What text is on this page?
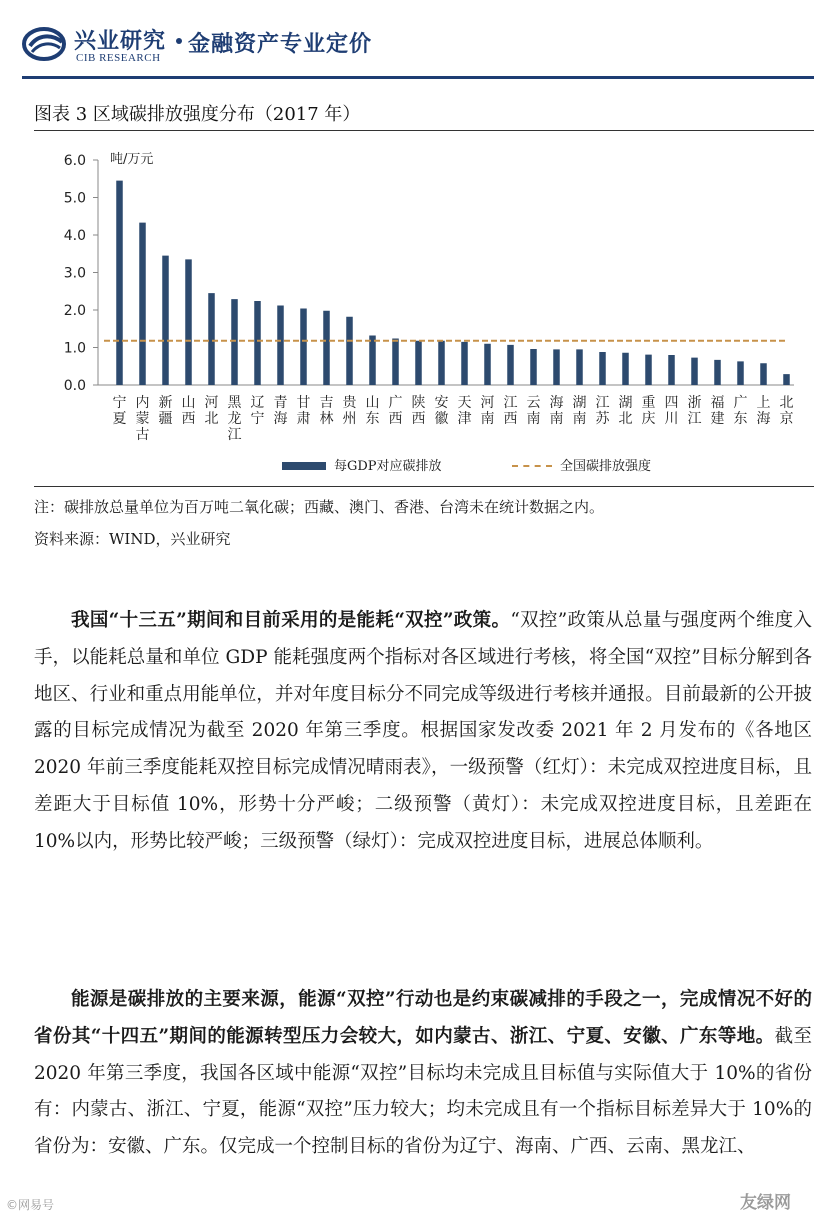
兴业研究
CIB RESEARCH
金融资产专业定价
图表 3 区域碳排放强度分布（2017 年）
0.0
1.0
2.0
3.0
4.0
5.0
6.0 吨/万元
宁夏
内蒙古
新疆
山西
河北
黑龙江
辽宁
青海
甘肃
吉林
贵州
山东
广西
陕西
安徽
天津
河南
江西
云南
海南
湖南
江苏
湖北
重庆
四川
浙江
福建
广东
上海
北京
每GDP对应碳排放	全国碳排放强度
注：碳排放总量单位为百万吨二氧化碳；西藏、澳门、香港、台湾未在统计数据之内。
资料来源：WIND，兴业研究
我国“十三五”期间和目前采用的是能耗“双控”政策。“双控”政策从总量与强度两个维度入手，以能耗总量和单位 GDP 能耗强度两个指标对各区域进行考核，将全国“双控”目标分解到各地区、行业和重点用能单位，并对年度目标分不同完成等级进行考核并通报。目前最新的公开披露的目标完成情况为截至 2020 年第三季度。根据国家发改委 2021 年 2 月发布的《各地区 2020 年前三季度能耗双控目标完成情况晴雨表》，一级预警（红灯）：未完成双控进度目标，且差距大于目标值 10%，形势十分严峻；二级预警（黄灯）：未完成双控进度目标，且差距在 10%以内，形势比较严峻；三级预警（绿灯）：完成双控进度目标，进展总体顺利。
能源是碳排放的主要来源，能源“双控”行动也是约束碳减排的手段之一，完成情况不好的省份其“十四五”期间的能源转型压力会较大，如内蒙古、浙江、宁夏、安徽、广东等地。截至 2020 年第三季度，我国各区域中能源“双控”目标均未完成且目标值与实际值大于 10%的省份有：内蒙古、浙江、宁夏，能源“双控”压力较大；均未完成且有一个指标目标差异大于 10%的省份为：安徽、广东。仅完成一个控制目标的省份为辽宁、海南、广西、云南、黑龙江、
©网易号	友绿网
